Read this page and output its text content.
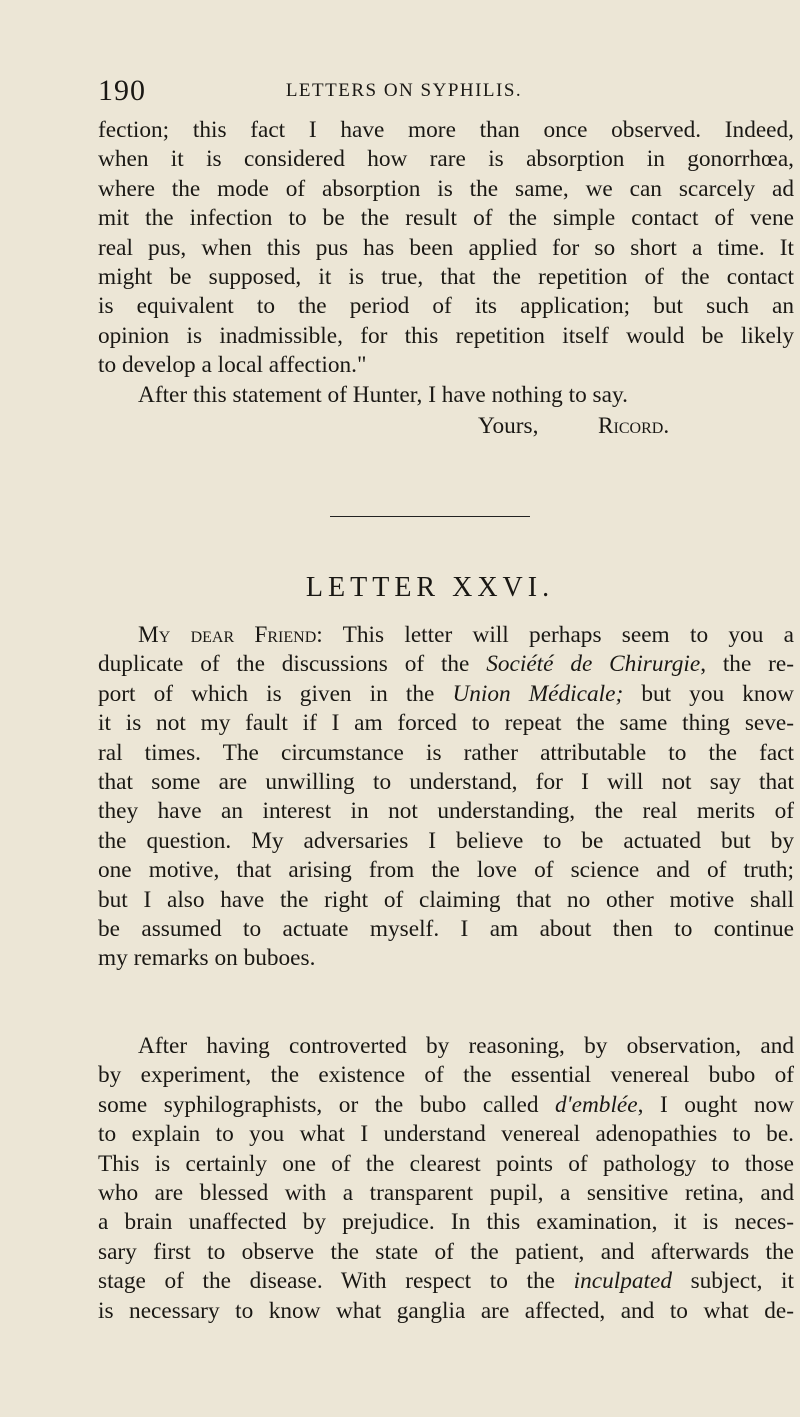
190	LETTERS ON SYPHILIS.
fection; this fact I have more than once observed. Indeed,
when it is considered how rare is absorption in gonorrhœa,
where the mode of absorption is the same, we can scarcely ad
mit the infection to be the result of the simple contact of vene
real pus, when this pus has been applied for so short a time. It
might be supposed, it is true, that the repetition of the contact
is equivalent to the period of its application; but such an
opinion is inadmissible, for this repetition itself would be likely
to develop a local affection."
After this statement of Hunter, I have nothing to say.
Yours,	Ricord.
LETTER XXVI.
My dear Friend: This letter will perhaps seem to you a
duplicate of the discussions of the Société de Chirurgie, the re-
port of which is given in the Union Médicale; but you know
it is not my fault if I am forced to repeat the same thing seve-
ral times. The circumstance is rather attributable to the fact
that some are unwilling to understand, for I will not say that
they have an interest in not understanding, the real merits of
the question. My adversaries I believe to be actuated but by
one motive, that arising from the love of science and of truth;
but I also have the right of claiming that no other motive shall
be assumed to actuate myself. I am about then to continue
my remarks on buboes.
After having controverted by reasoning, by observation, and
by experiment, the existence of the essential venereal bubo of
some syphilographists, or the bubo called d'emblée, I ought now
to explain to you what I understand venereal adenopathies to be.
This is certainly one of the clearest points of pathology to those
who are blessed with a transparent pupil, a sensitive retina, and
a brain unaffected by prejudice. In this examination, it is neces-
sary first to observe the state of the patient, and afterwards the
stage of the disease. With respect to the inculpated subject, it
is necessary to know what ganglia are affected, and to what de-
